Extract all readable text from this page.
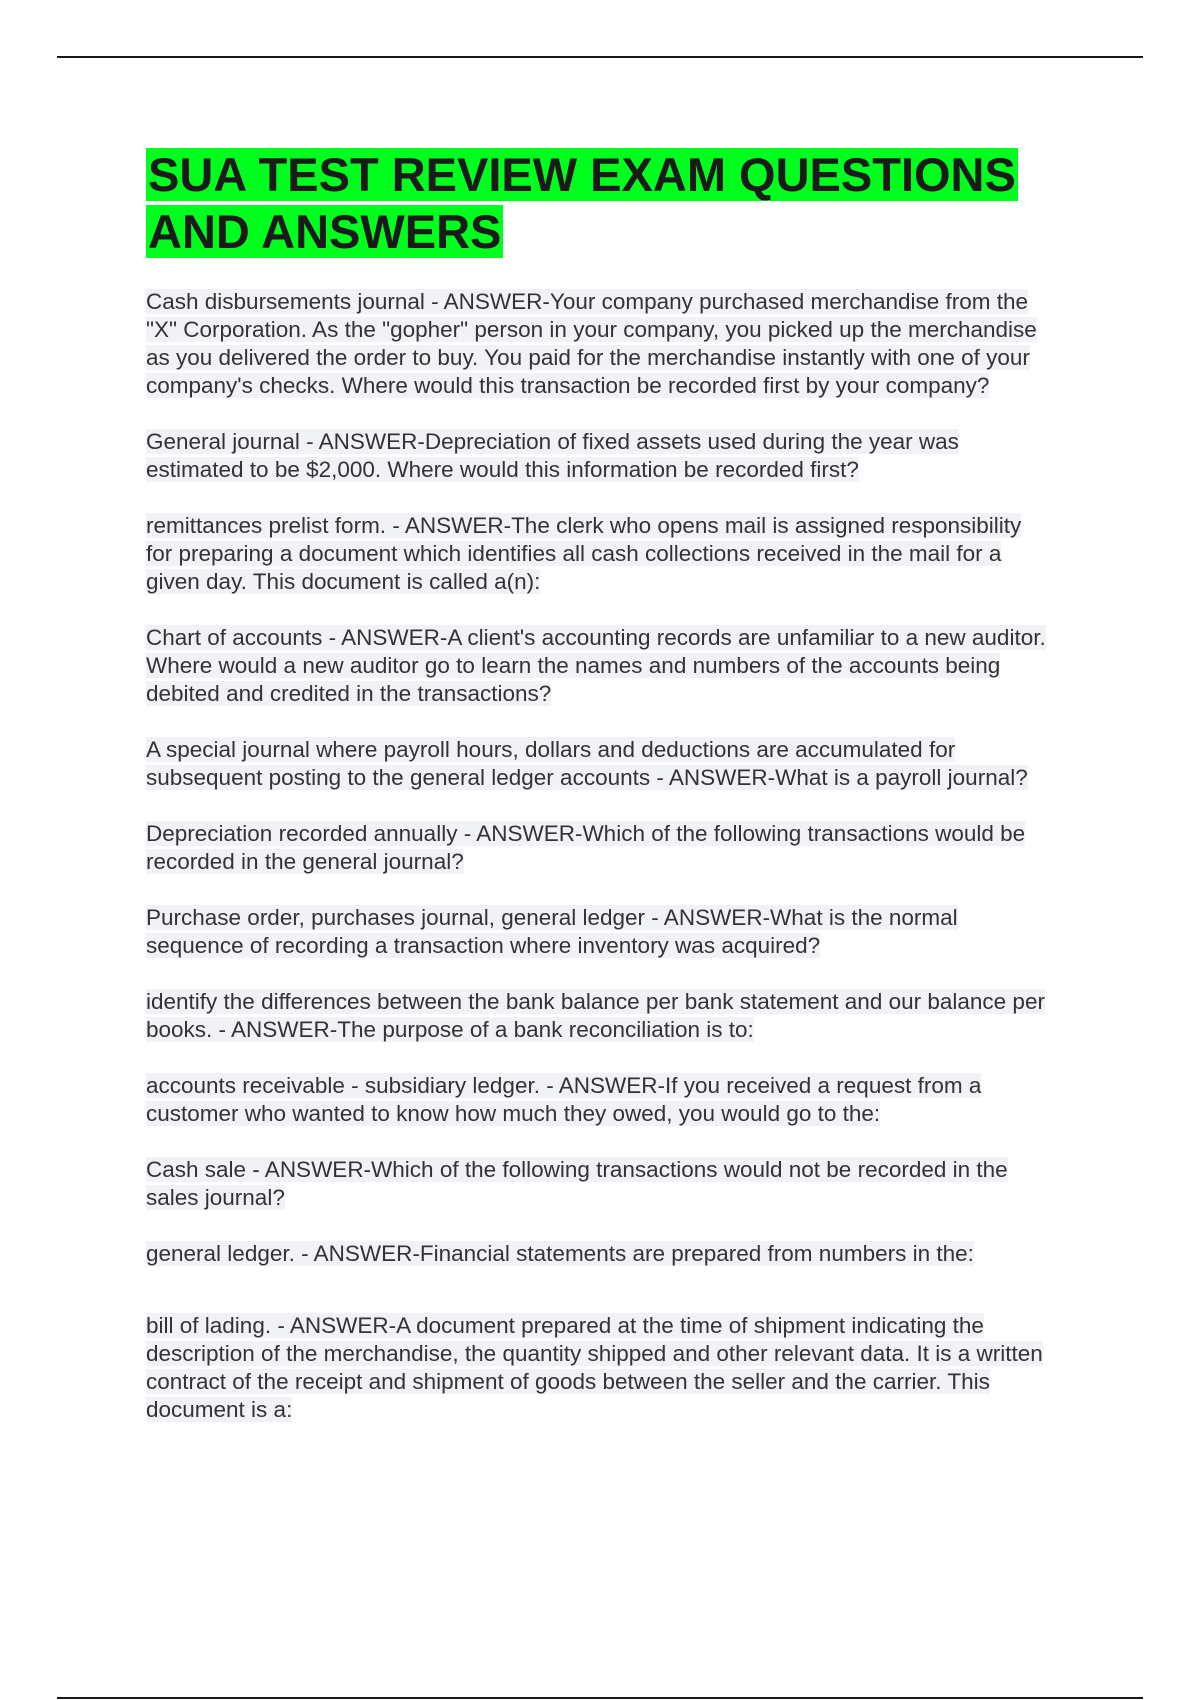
SUA TEST REVIEW EXAM QUESTIONS AND ANSWERS

Cash disbursements journal - ANSWER-Your company purchased merchandise from the "X" Corporation. As the "gopher" person in your company, you picked up the merchandise as you delivered the order to buy. You paid for the merchandise instantly with one of your company's checks. Where would this transaction be recorded first by your company?

General journal - ANSWER-Depreciation of fixed assets used during the year was estimated to be $2,000. Where would this information be recorded first?

remittances prelist form. - ANSWER-The clerk who opens mail is assigned responsibility for preparing a document which identifies all cash collections received in the mail for a given day. This document is called a(n):

Chart of accounts - ANSWER-A client's accounting records are unfamiliar to a new auditor. Where would a new auditor go to learn the names and numbers of the accounts being debited and credited in the transactions?

A special journal where payroll hours, dollars and deductions are accumulated for subsequent posting to the general ledger accounts - ANSWER-What is a payroll journal?

Depreciation recorded annually - ANSWER-Which of the following transactions would be recorded in the general journal?

Purchase order, purchases journal, general ledger - ANSWER-What is the normal sequence of recording a transaction where inventory was acquired?

identify the differences between the bank balance per bank statement and our balance per books. - ANSWER-The purpose of a bank reconciliation is to:

accounts receivable - subsidiary ledger. - ANSWER-If you received a request from a customer who wanted to know how much they owed, you would go to the:

Cash sale - ANSWER-Which of the following transactions would not be recorded in the sales journal?

general ledger. - ANSWER-Financial statements are prepared from numbers in the:

bill of lading. - ANSWER-A document prepared at the time of shipment indicating the description of the merchandise, the quantity shipped and other relevant data. It is a written contract of the receipt and shipment of goods between the seller and the carrier. This document is a:
